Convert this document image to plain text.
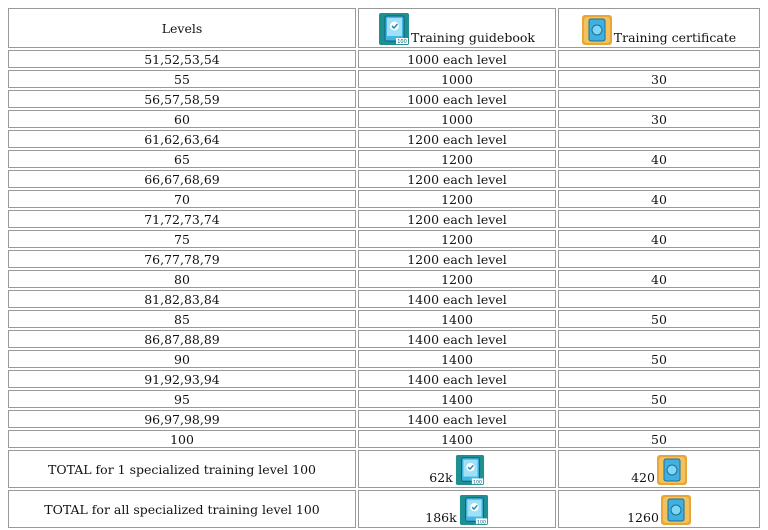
Levels	100 Training guidebook	Training certificate
51,52,53,54	1000 each level	
55	1000	30
56,57,58,59	1000 each level	
60	1000	30
61,62,63,64	1200 each level	
65	1200	40
66,67,68,69	1200 each level	
70	1200	40
71,72,73,74	1200 each level	
75	1200	40
76,77,78,79	1200 each level	
80	1200	40
81,82,83,84	1400 each level	
85	1400	50
86,87,88,89	1400 each level	
90	1400	50
91,92,93,94	1400 each level	
95	1400	50
96,97,98,99	1400 each level	
100	1400	50
TOTAL for 1 specialized training level 100	62k 100	420

TOTAL for all specialized training level 100	186k 100	1260
